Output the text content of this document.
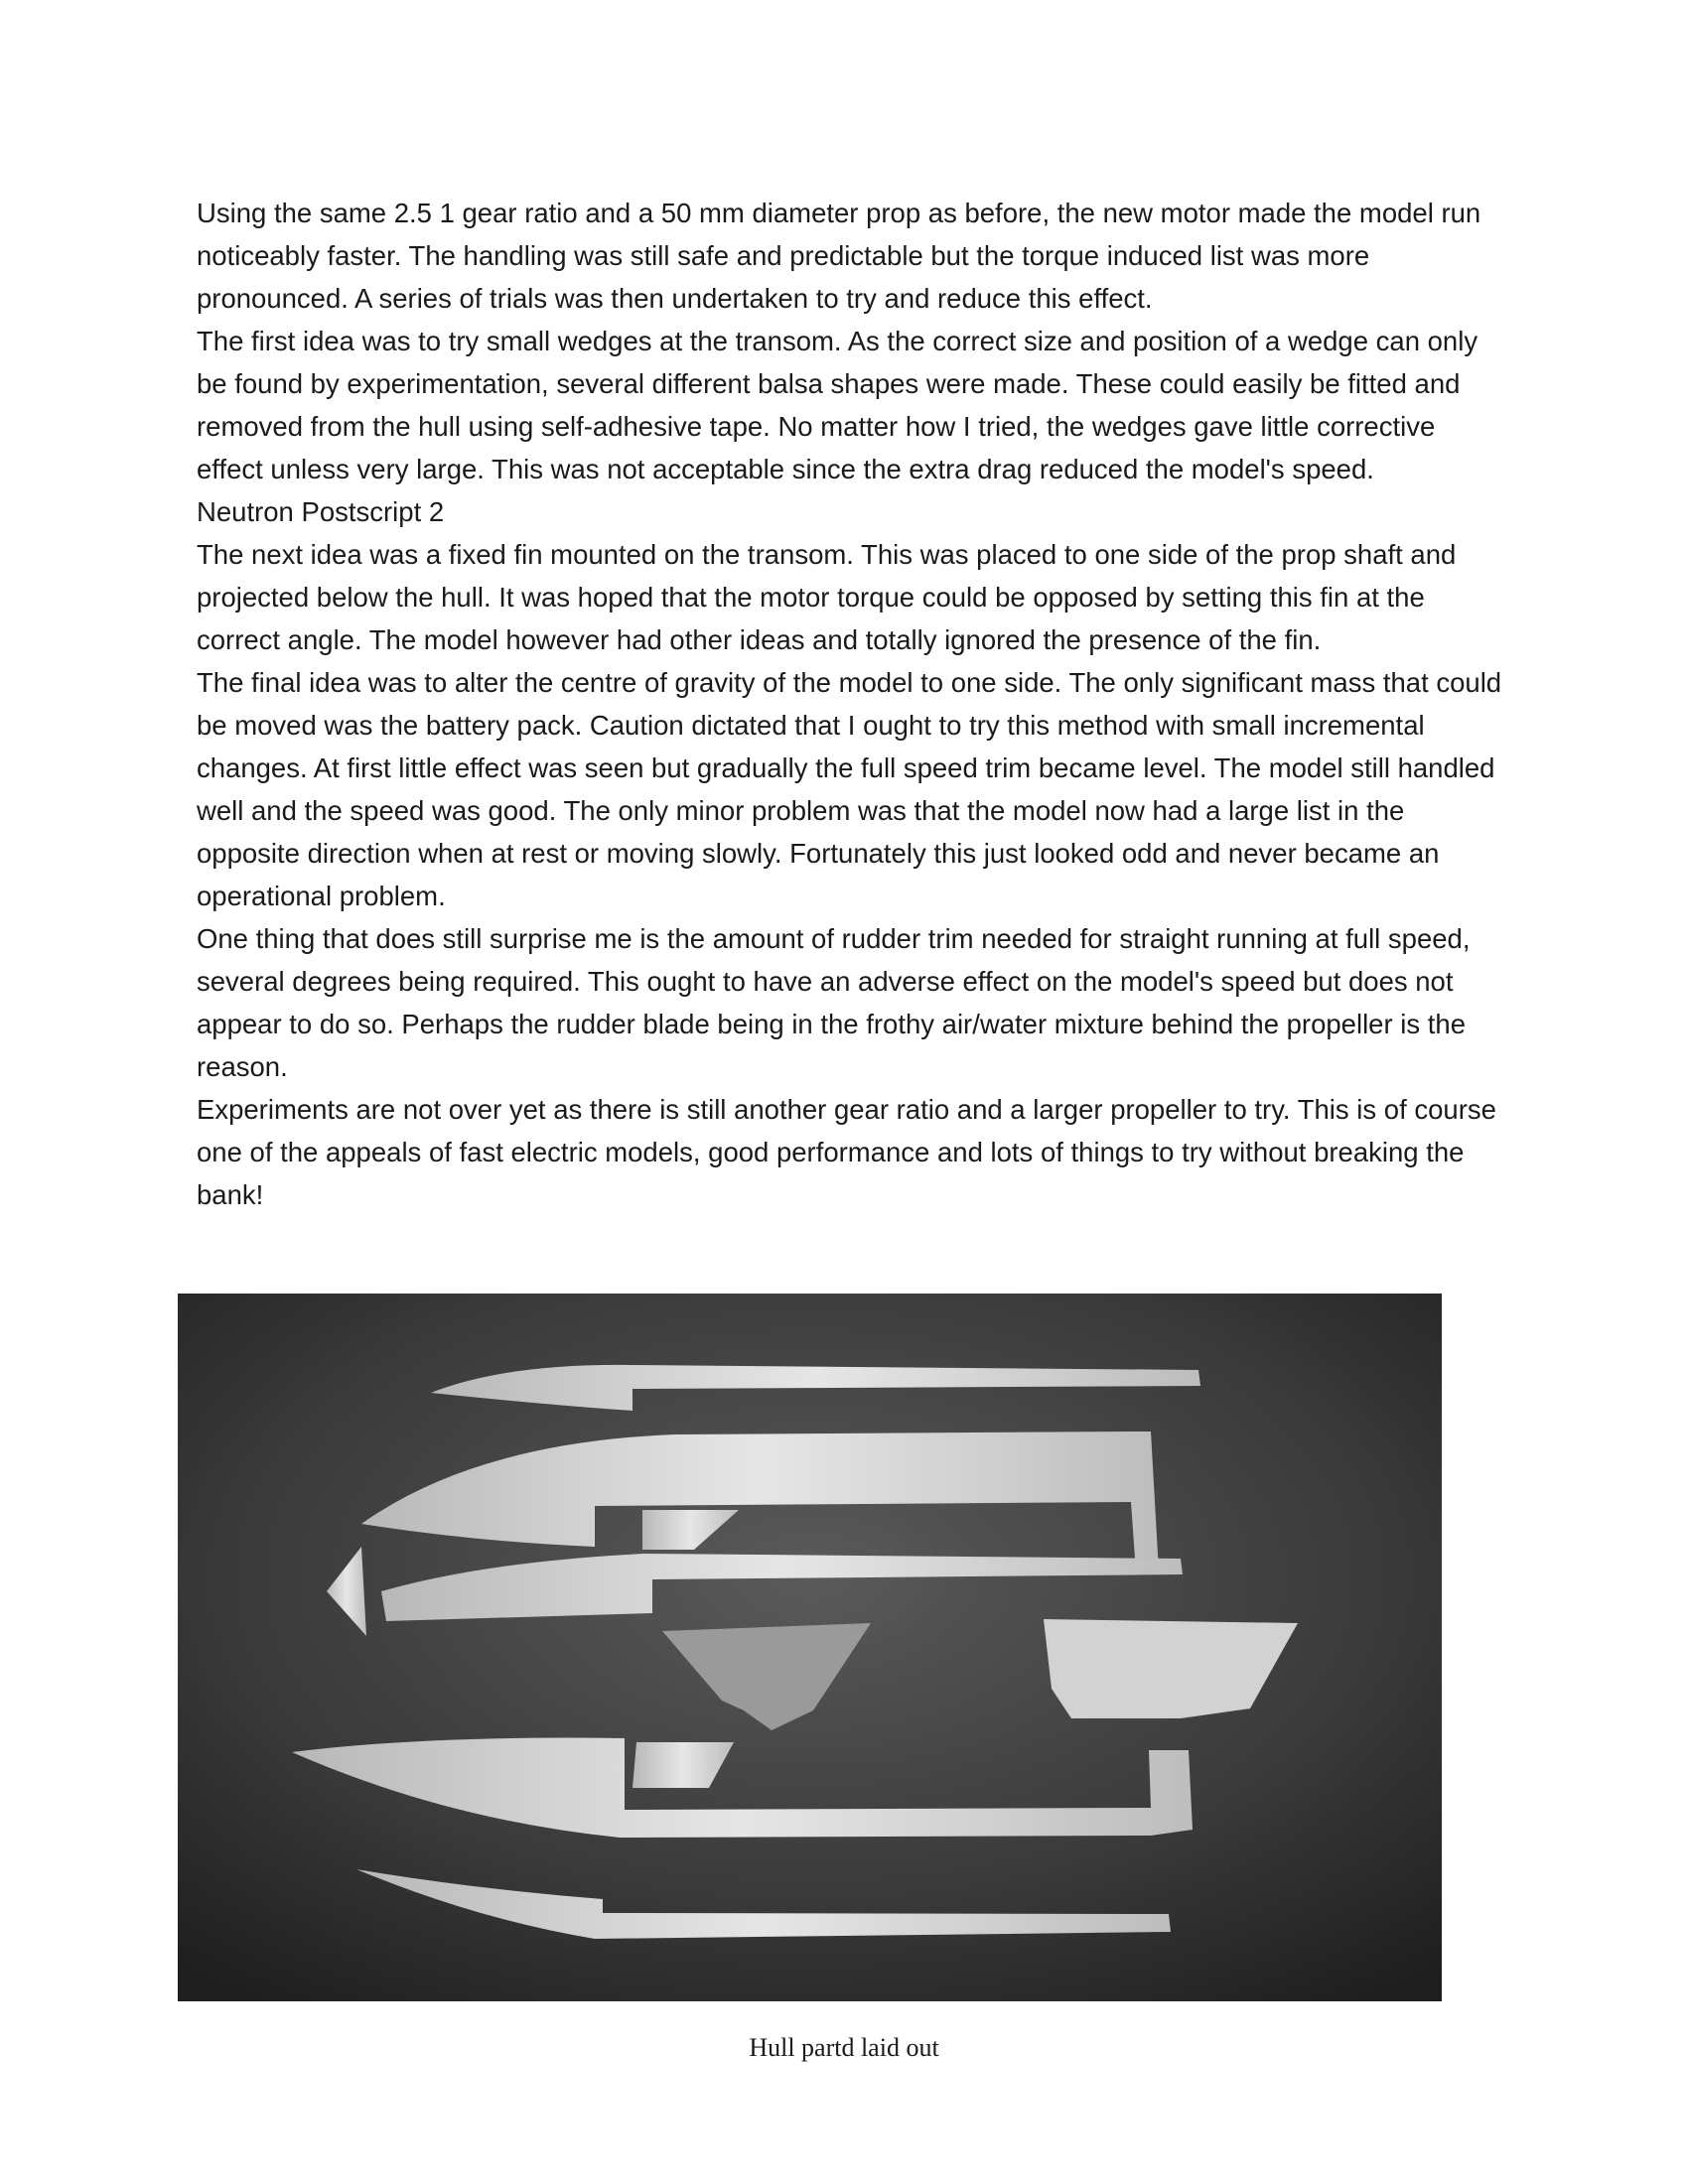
Using the same 2.5 1 gear ratio and a 50 mm diameter prop as before, the new motor made the model run noticeably faster. The handling was still safe and predictable but the torque induced list was more pronounced. A series of trials was then undertaken to try and reduce this effect.

The first idea was to try small wedges at the transom. As the correct size and position of a wedge can only be found by experimentation, several different balsa shapes were made. These could easily be fitted and removed from the hull using self-adhesive tape. No matter how I tried, the wedges gave little corrective effect unless very large. This was not acceptable since the extra drag reduced the model's speed.

Neutron Postscript 2

The next idea was a fixed fin mounted on the transom. This was placed to one side of the prop shaft and projected below the hull. It was hoped that the motor torque could be opposed by setting this fin at the correct angle. The model however had other ideas and totally ignored the presence of the fin.

The final idea was to alter the centre of gravity of the model to one side. The only significant mass that could be moved was the battery pack. Caution dictated that I ought to try this method with small incremental changes. At first little effect was seen but gradually the full speed trim became level. The model still handled well and the speed was good. The only minor problem was that the model now had a large list in the opposite direction when at rest or moving slowly. Fortunately this just looked odd and never became an operational problem.

One thing that does still surprise me is the amount of rudder trim needed for straight running at full speed, several degrees being required. This ought to have an adverse effect on the model's speed but does not appear to do so. Perhaps the rudder blade being in the frothy air/water mixture behind the propeller is the reason.

Experiments are not over yet as there is still another gear ratio and a larger propeller to try. This is of course one of the appeals of fast electric models, good performance and lots of things to try without breaking the bank!

Hull partd laid out
